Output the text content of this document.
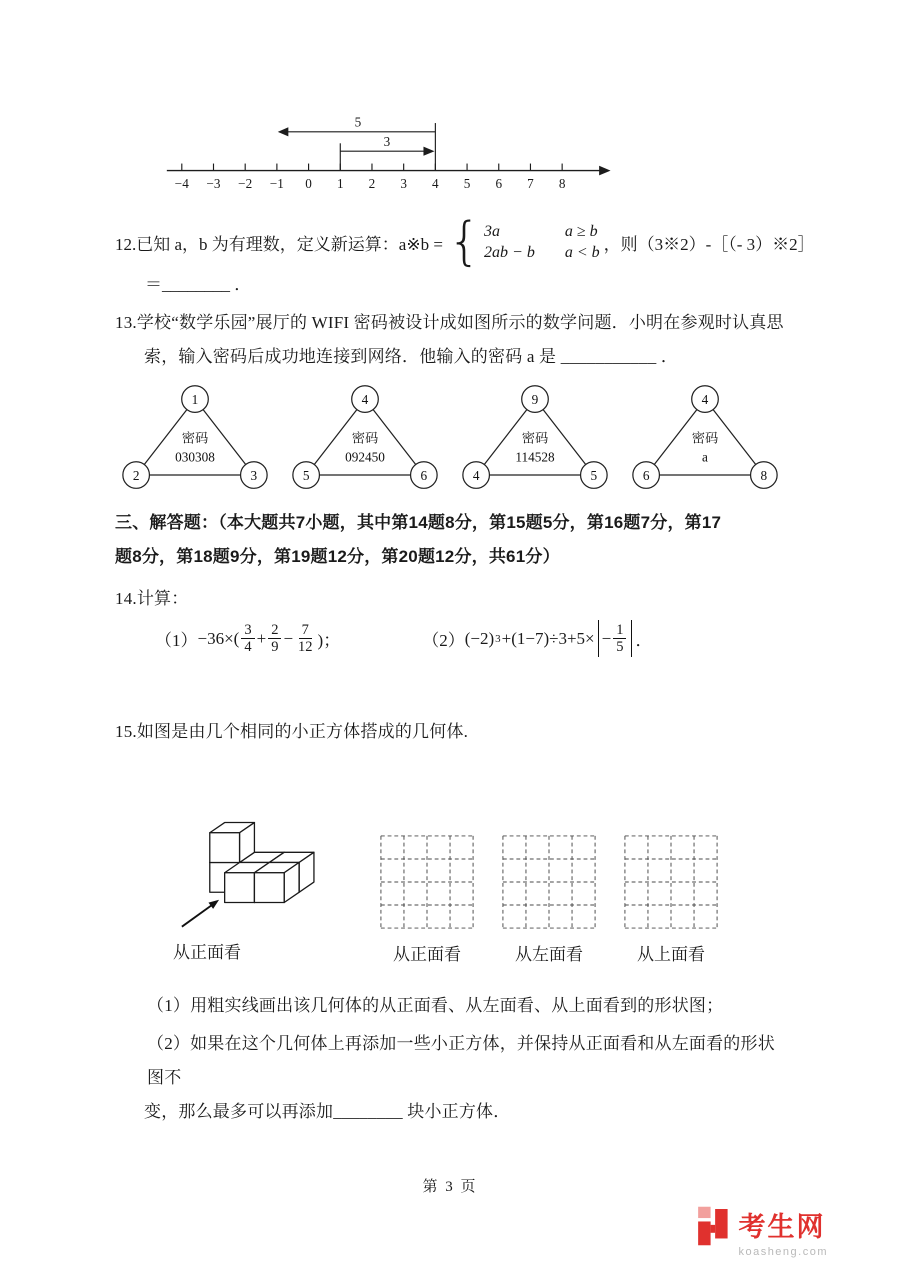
−4 −3 −2 −1 0 1 2 3 4 5 6 7 8
5
3
12.已知 a，b 为有理数，定义新运算：a※b = { 3a	a ≥ b
2ab − b a < b ，则（3※2）-［（- 3）※2］
＝________ ．
13.学校“数学乐园”展厅的 WIFI 密码被设计成如图所示的数学问题．小明在参观时认真思
索，输入密码后成功地连接到网络．他输入的密码 a 是 ___________ ．
1
2	3
密码
030308
4
5	6
密码
092450
9
4	5
密码
114528
4
6	8
密码
a
三、解答题：（本大题共7小题，其中第14题8分，第15题5分，第16题7分，第17
题8分，第18题9分，第19题12分，第20题12分，共61分）
14.计算：
$(1) -36\times( \frac{3}{4} + \frac{2}{9} - \frac{7}{12}$ )；	（2） (−2) $3 +(1-7)\div 3+5\times - \frac{1}{5}$ ．
15.如图是由几个相同的小正方体搭成的几何体.
从正面看	从正面看	从左面看	从上面看
（1）用粗实线画出该几何体的从正面看、从左面看、从上面看到的形状图；
（2）如果在这个几何体上再添加一些小正方体，并保持从正面看和从左面看的形状图不
变，那么最多可以再添加________ 块小正方体．
第 3 页
考生网
koasheng.com
